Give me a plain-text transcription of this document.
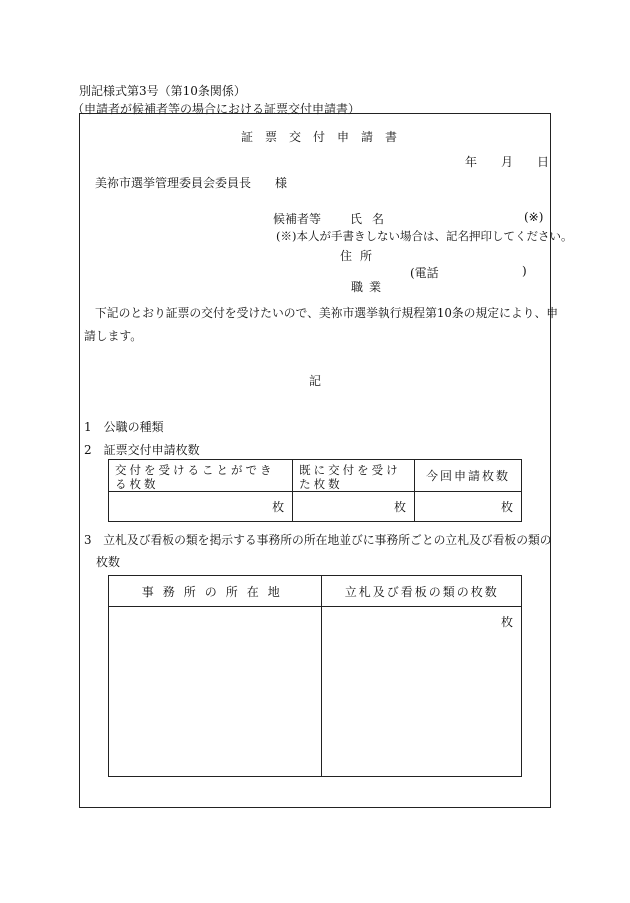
別記様式第3号（第10条関係）
（申請者が候補者等の場合における証票交付申請書）
証票交付申請書
年 月 日
美祢市選挙管理委員会委員長　　様
候補者等 氏名	(※)
(※)本人が手書きしない場合は、記名押印してください。
住所
(電話	)
職業
下記のとおり証票の交付を受けたいので、美祢市選挙執行規程第10条の規定により、申
請します。
記
1　公職の種類
2　証票交付申請枚数
交付を受けることができる枚数	既に交付を受けた枚数	今回申請枚数
枚	枚	枚
3　立札及び看板の類を掲示する事務所の所在地並びに事務所ごとの立札及び看板の類の
枚数
事務所の所在地	立札及び看板の類の枚数
	枚
